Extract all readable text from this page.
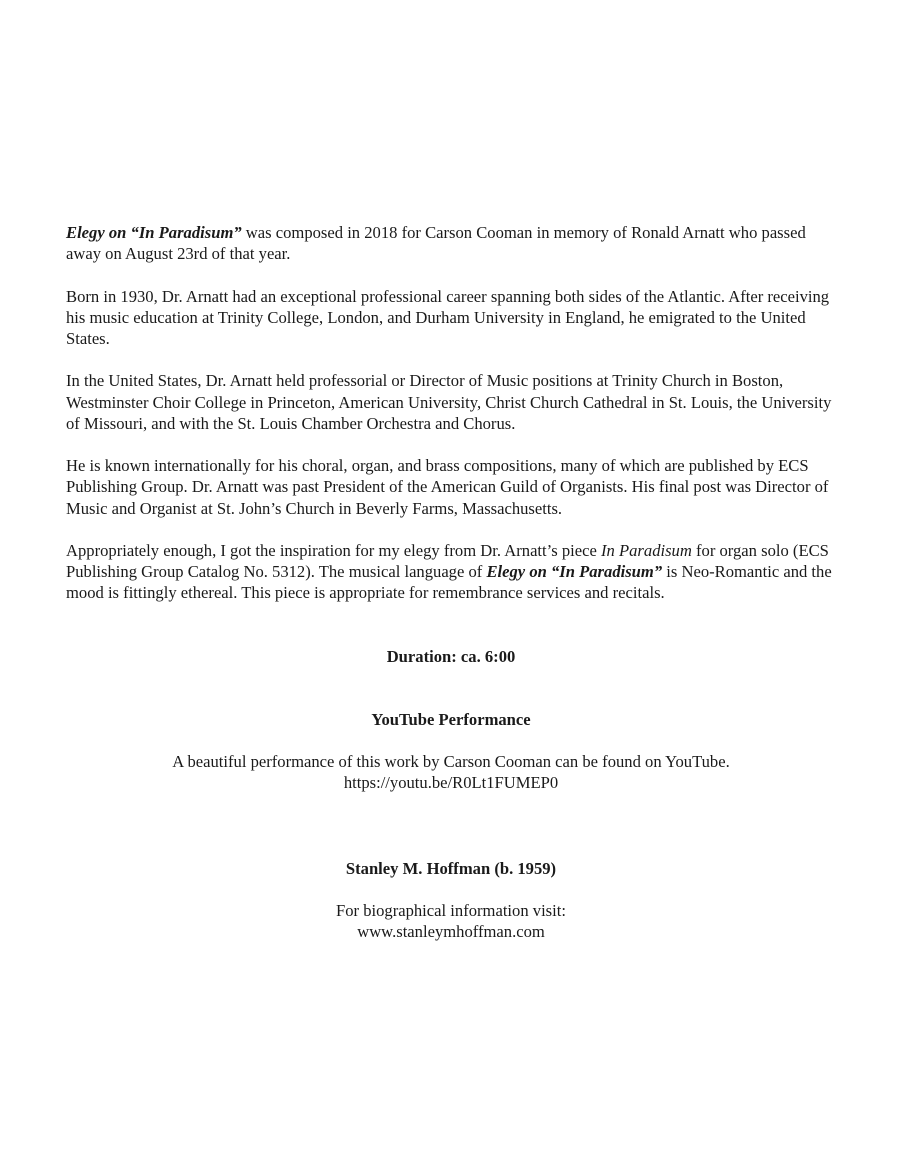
Elegy on “In Paradisum” was composed in 2018 for Carson Cooman in memory of Ronald Arnatt who passed away on August 23rd of that year.

Born in 1930, Dr. Arnatt had an exceptional professional career spanning both sides of the Atlantic. After receiving his music education at Trinity College, London, and Durham University in England, he emigrated to the United States.

In the United States, Dr. Arnatt held professorial or Director of Music positions at Trinity Church in Boston, Westminster Choir College in Princeton, American University, Christ Church Cathedral in St. Louis, the University of Missouri, and with the St. Louis Chamber Orchestra and Chorus.

He is known internationally for his choral, organ, and brass compositions, many of which are published by ECS Publishing Group. Dr. Arnatt was past President of the American Guild of Organists. His final post was Director of Music and Organist at St. John’s Church in Beverly Farms, Massachusetts.

Appropriately enough, I got the inspiration for my elegy from Dr. Arnatt’s piece In Paradisum for organ solo (ECS Publishing Group Catalog No. 5312). The musical language of Elegy on “In Paradisum” is Neo-Romantic and the mood is fittingly ethereal. This piece is appropriate for remembrance services and recitals.

Duration: ca. 6:00

YouTube Performance

A beautiful performance of this work by Carson Cooman can be found on YouTube.
https://youtu.be/R0Lt1FUMEP0

Stanley M. Hoffman (b. 1959)

For biographical information visit:
www.stanleymhoffman.com
